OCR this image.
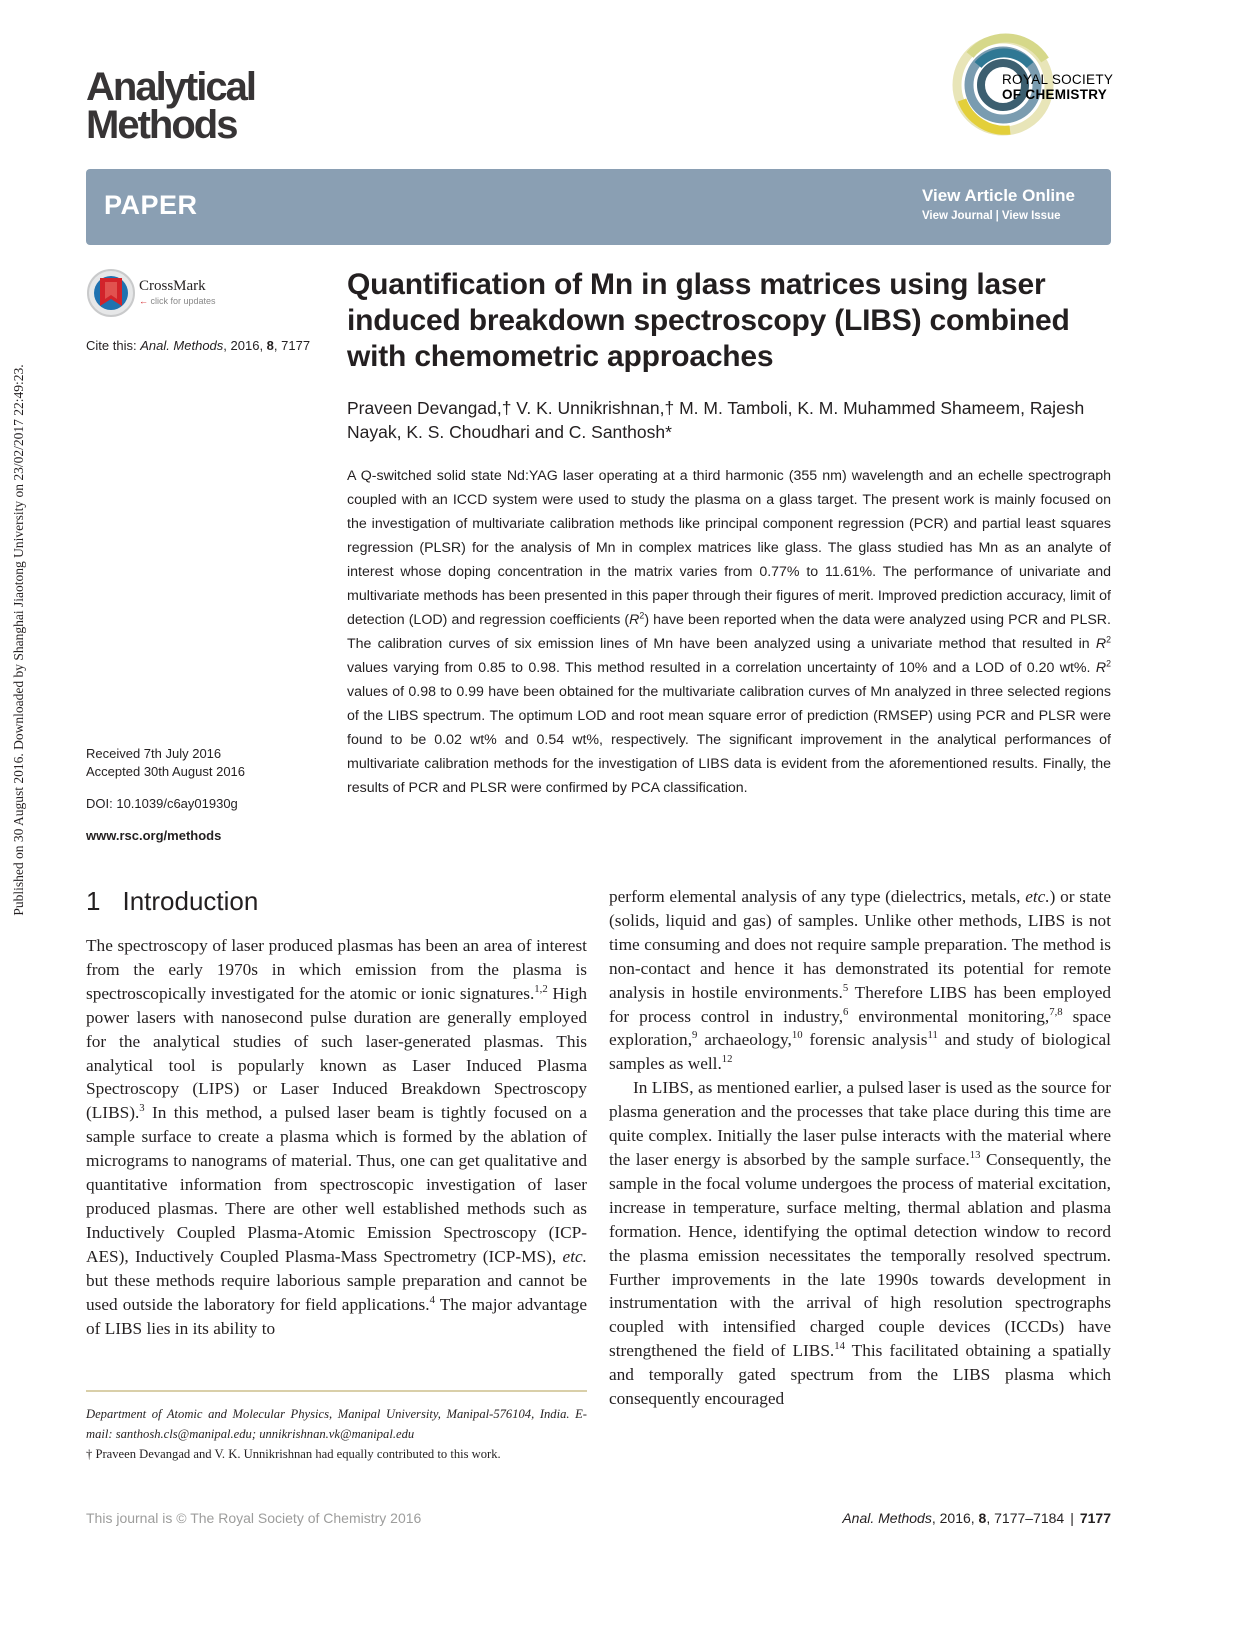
Published on 30 August 2016. Downloaded by Shanghai Jiaotong University on 23/02/2017 22:49:23.
Analytical
Methods
ROYAL SOCIETY
OF CHEMISTRY
PAPER	View Article Online
View Journal | View Issue
CrossMark
← click for updates
Cite this: Anal. Methods, 2016, 8, 7177
Quantification of Mn in glass matrices using laser induced breakdown spectroscopy (LIBS) combined with chemometric approaches

Praveen Devangad,† V. K. Unnikrishnan,† M. M. Tamboli, K. M. Muhammed Shameem, Rajesh Nayak, K. S. Choudhari and C. Santhosh*

A Q-switched solid state Nd:YAG laser operating at a third harmonic (355 nm) wavelength and an echelle spectrograph coupled with an ICCD system were used to study the plasma on a glass target. The present work is mainly focused on the investigation of multivariate calibration methods like principal component regression (PCR) and partial least squares regression (PLSR) for the analysis of Mn in complex matrices like glass. The glass studied has Mn as an analyte of interest whose doping concentration in the matrix varies from 0.77% to 11.61%. The performance of univariate and multivariate methods has been presented in this paper through their figures of merit. Improved prediction accuracy, limit of detection (LOD) and regression coefficients $(R^2)$ have been reported when the data were analyzed using PCR and PLSR. The calibration curves of six emission lines of Mn have been analyzed using a univariate method that resulted in $R^2$ values varying from 0.85 to 0.98. This method resulted in a correlation uncertainty of 10% and a LOD of 0.20 wt%. $R^2$ values of 0.98 to 0.99 have been obtained for the multivariate calibration curves of Mn analyzed in three selected regions of the LIBS spectrum. The optimum LOD and root mean square error of prediction (RMSEP) using PCR and PLSR were found to be 0.02 wt% and 0.54 wt%, respectively. The significant improvement in the analytical performances of multivariate calibration methods for the investigation of LIBS data is evident from the aforementioned results. Finally, the results of PCR and PLSR were confirmed by PCA classification.

Received 7th July 2016
Accepted 30th August 2016
DOI: 10.1039/c6ay01930g
www.rsc.org/methods
1 Introduction

The spectroscopy of laser produced plasmas has been an area of interest from the early 1970s in which emission from the plasma is spectroscopically investigated for the atomic or ionic signatures.$^{1,2}$ High power lasers with nanosecond pulse duration are generally employed for the analytical studies of such laser-generated plasmas. This analytical tool is popularly known as Laser Induced Plasma Spectroscopy (LIPS) or Laser Induced Breakdown Spectroscopy (LIBS).$^3$ In this method, a pulsed laser beam is tightly focused on a sample surface to create a plasma which is formed by the ablation of micrograms to nanograms of material. Thus, one can get qualitative and quantitative information from spectroscopic investigation of laser produced plasmas. There are other well established methods such as Inductively Coupled Plasma-Atomic Emission Spectroscopy (ICP-AES), Inductively Coupled Plasma-Mass Spectrometry (ICP-MS), etc. but these methods require laborious sample preparation and cannot be used outside the laboratory for field applications.$^4$ The major advantage of LIBS lies in its ability to

perform elemental analysis of any type (dielectrics, metals, etc.) or state (solids, liquid and gas) of samples. Unlike other methods, LIBS is not time consuming and does not require sample preparation. The method is non-contact and hence it has demonstrated its potential for remote analysis in hostile environments.$^5$ Therefore LIBS has been employed for process control in industry,$^6$ environmental monitoring,$^{7,8}$ space exploration,$^9$ archaeology,$^{10}$ forensic analysis$^{11}$ and study of biological samples as well.$^{12}$

In LIBS, as mentioned earlier, a pulsed laser is used as the source for plasma generation and the processes that take place during this time are quite complex. Initially the laser pulse interacts with the material where the laser energy is absorbed by the sample surface.$^{13}$ Consequently, the sample in the focal volume undergoes the process of material excitation, increase in temperature, surface melting, thermal ablation and plasma formation. Hence, identifying the optimal detection window to record the plasma emission necessitates the temporally resolved spectrum. Further improvements in the late 1990s towards development in instrumentation with the arrival of high resolution spectrographs coupled with intensified charged couple devices (ICCDs) have strengthened the field of LIBS.$^{14}$ This facilitated obtaining a spatially and temporally gated spectrum from the LIBS plasma which consequently encouraged

Department of Atomic and Molecular Physics, Manipal University, Manipal-576104, India. E-mail: santhosh.cls@manipal.edu; unnikrishnan.vk@manipal.edu
† Praveen Devangad and V. K. Unnikrishnan had equally contributed to this work.
This journal is © The Royal Society of Chemistry 2016	Anal. Methods, 2016, 8, 7177–7184 | 7177
